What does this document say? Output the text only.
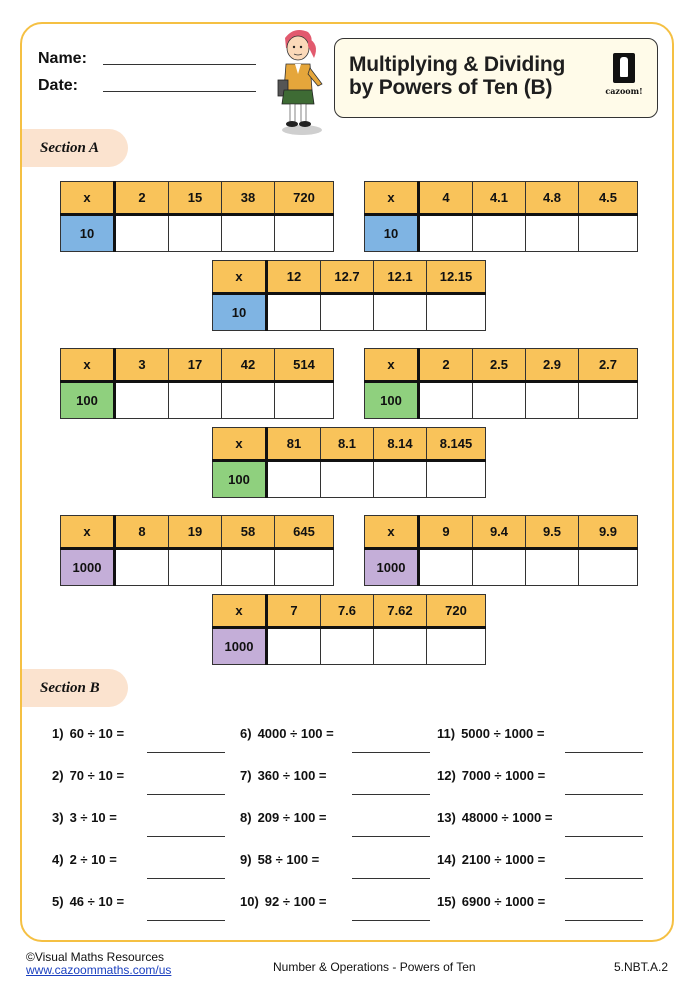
Name:
Date:
Multiplying & Dividing
by Powers of Ten (B)	cazoom!
Section A
x	2	15	38	720
10				
x	4	4.1	4.8	4.5
10				
x	12	12.7	12.1	12.15
10				
x	3	17	42	514
100				
x	2	2.5	2.9	2.7
100				
x	81	8.1	8.14	8.145
100				
x	8	19	58	645
1000				
x	9	9.4	9.5	9.9
1000				
x	7	7.6	7.62	720
1000				
Section B
1) 60 ÷ 10 =
2) 70 ÷ 10 =
3) 3 ÷ 10 =
4) 2 ÷ 10 =
5) 46 ÷ 10 =
6) 4000 ÷ 100 =
7) 360 ÷ 100 =
8) 209 ÷ 100 =
9) 58 ÷ 100 =
10) 92 ÷ 100 =
11) 5000 ÷ 1000 =
12) 7000 ÷ 1000 =
13) 48000 ÷ 1000 =
14) 2100 ÷ 1000 =
15) 6900 ÷ 1000 =
©Visual Maths Resources
www.cazoommaths.com/us	Number & Operations - Powers of Ten	5.NBT.A.2
